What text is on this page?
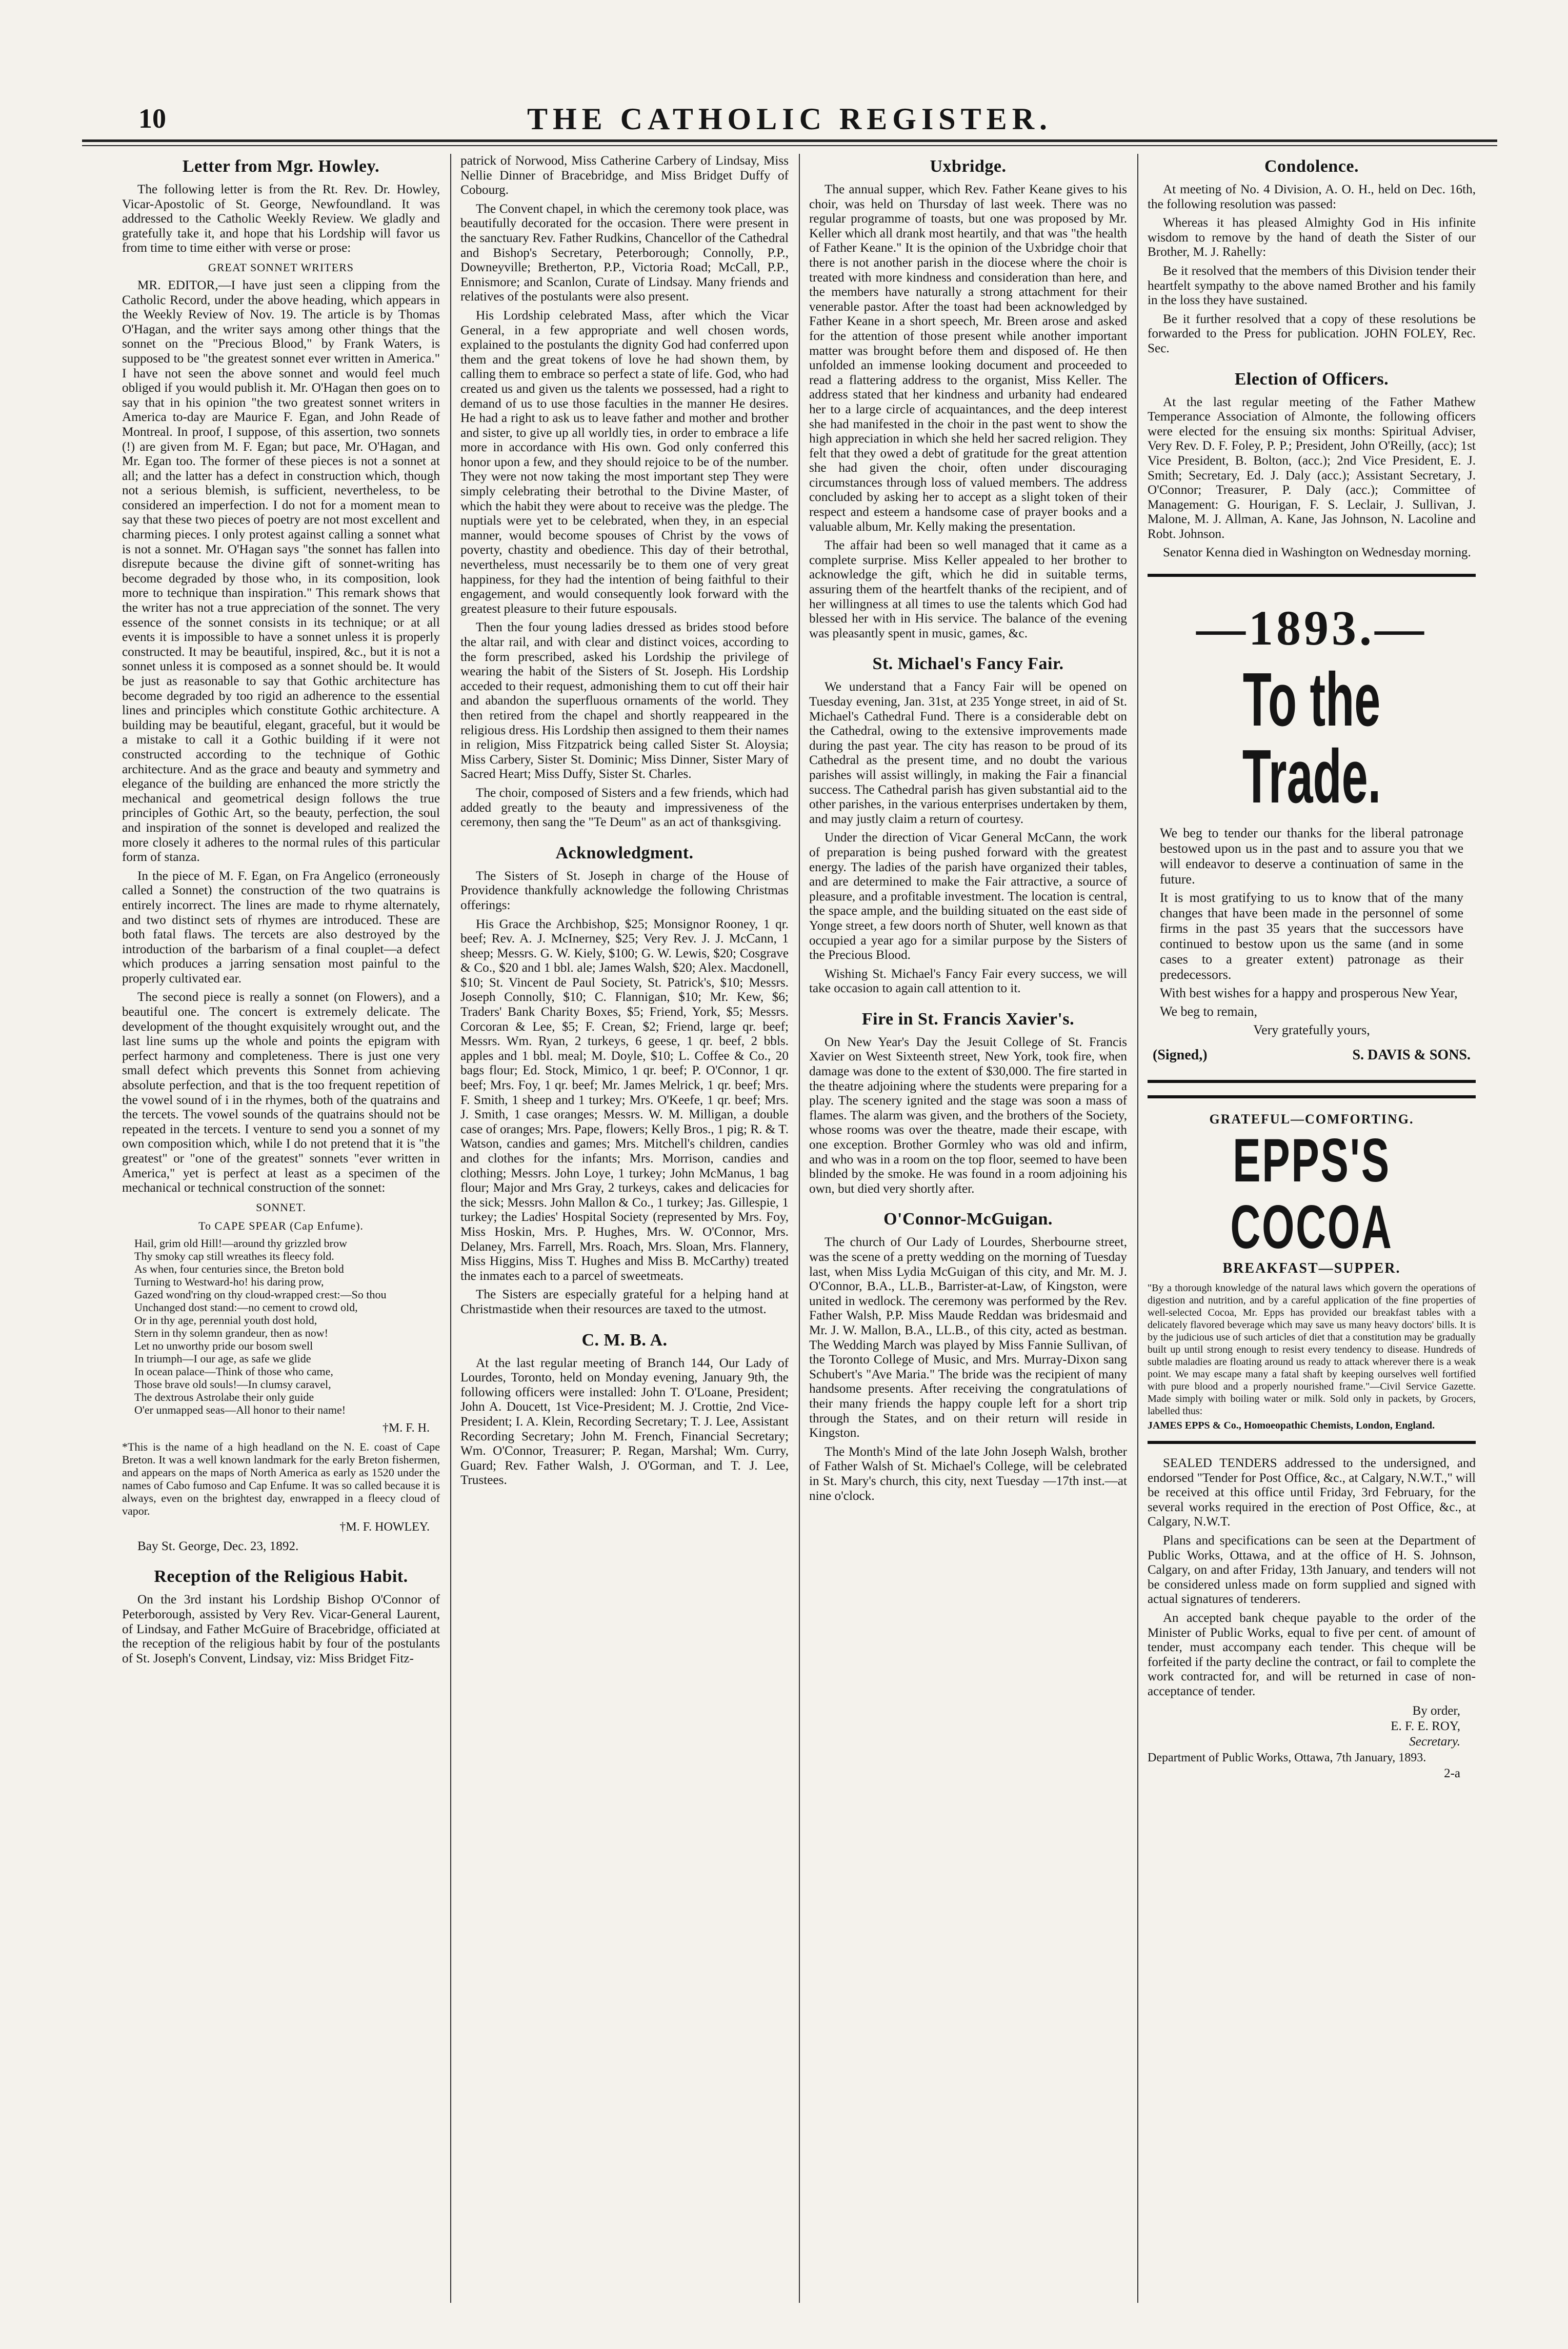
10	THE CATHOLIC REGISTER.
Letter from Mgr. Howley.

The following letter is from the Rt. Rev. Dr. Howley, Vicar-Apostolic of St. George, Newfoundland. It was addressed to the Catholic Weekly Review. We gladly and gratefully take it, and hope that his Lordship will favor us from time to time either with verse or prose:

GREAT SONNET WRITERS

MR. EDITOR,—I have just seen a clipping from the Catholic Record, under the above heading, which appears in the Weekly Review of Nov. 19. The article is by Thomas O'Hagan, and the writer says among other things that the sonnet on the "Precious Blood," by Frank Waters, is supposed to be "the greatest sonnet ever written in America." I have not seen the above sonnet and would feel much obliged if you would publish it. Mr. O'Hagan then goes on to say that in his opinion "the two greatest sonnet writers in America to-day are Maurice F. Egan, and John Reade of Montreal. In proof, I suppose, of this assertion, two sonnets (!) are given from M. F. Egan; but pace, Mr. O'Hagan, and Mr. Egan too. The former of these pieces is not a sonnet at all; and the latter has a defect in construction which, though not a serious blemish, is sufficient, nevertheless, to be considered an imperfection. I do not for a moment mean to say that these two pieces of poetry are not most excellent and charming pieces. I only protest against calling a sonnet what is not a sonnet. Mr. O'Hagan says "the sonnet has fallen into disrepute because the divine gift of sonnet-writing has become degraded by those who, in its composition, look more to technique than inspiration." This remark shows that the writer has not a true appreciation of the sonnet. The very essence of the sonnet consists in its technique; or at all events it is impossible to have a sonnet unless it is properly constructed. It may be beautiful, inspired, &c., but it is not a sonnet unless it is composed as a sonnet should be. It would be just as reasonable to say that Gothic architecture has become degraded by too rigid an adherence to the essential lines and principles which constitute Gothic architecture. A building may be beautiful, elegant, graceful, but it would be a mistake to call it a Gothic building if it were not constructed according to the technique of Gothic architecture. And as the grace and beauty and symmetry and elegance of the building are enhanced the more strictly the mechanical and geometrical design follows the true principles of Gothic Art, so the beauty, perfection, the soul and inspiration of the sonnet is developed and realized the more closely it adheres to the normal rules of this particular form of stanza.

In the piece of M. F. Egan, on Fra Angelico (erroneously called a Sonnet) the construction of the two quatrains is entirely incorrect. The lines are made to rhyme alternately, and two distinct sets of rhymes are introduced. These are both fatal flaws. The tercets are also destroyed by the introduction of the barbarism of a final couplet—a defect which produces a jarring sensation most painful to the properly cultivated ear.

The second piece is really a sonnet (on Flowers), and a beautiful one. The concert is extremely delicate. The development of the thought exquisitely wrought out, and the last line sums up the whole and points the epigram with perfect harmony and completeness. There is just one very small defect which prevents this Sonnet from achieving absolute perfection, and that is the too frequent repetition of the vowel sound of i in the rhymes, both of the quatrains and the tercets. The vowel sounds of the quatrains should not be repeated in the tercets. I venture to send you a sonnet of my own composition which, while I do not pretend that it is "the greatest" or "one of the greatest" sonnets "ever written in America," yet is perfect at least as a specimen of the mechanical or technical construction of the sonnet:

SONNET.
To CAPE SPEAR (Cap Enfume).
Hail, grim old Hill!—around thy grizzled brow
Thy smoky cap still wreathes its fleecy fold.
As when, four centuries since, the Breton bold
Turning to Westward-ho! his daring prow,
Gazed wond'ring on thy cloud-wrapped crest:—So thou
Unchanged dost stand:—no cement to crowd old,
Or in thy age, perennial youth dost hold,
Stern in thy solemn grandeur, then as now!
Let no unworthy pride our bosom swell
In triumph—I our age, as safe we glide
In ocean palace—Think of those who came,
Those brave old souls!—In clumsy caravel,
The dextrous Astrolabe their only guide
O'er unmapped seas—All honor to their name!
†M. F. H.
*This is the name of a high headland on the N. E. coast of Cape Breton. It was a well known landmark for the early Breton fishermen, and appears on the maps of North America as early as 1520 under the names of Cabo fumoso and Cap Enfume. It was so called because it is always, even on the brightest day, enwrapped in a fleecy cloud of vapor.
†M. F. HOWLEY.

Bay St. George, Dec. 23, 1892.

Reception of the Religious Habit.

On the 3rd instant his Lordship Bishop O'Connor of Peterborough, assisted by Very Rev. Vicar-General Laurent, of Lindsay, and Father McGuire of Bracebridge, officiated at the reception of the religious habit by four of the postulants of St. Joseph's Convent, Lindsay, viz: Miss Bridget Fitz-

patrick of Norwood, Miss Catherine Carbery of Lindsay, Miss Nellie Dinner of Bracebridge, and Miss Bridget Duffy of Cobourg.

The Convent chapel, in which the ceremony took place, was beautifully decorated for the occasion. There were present in the sanctuary Rev. Father Rudkins, Chancellor of the Cathedral and Bishop's Secretary, Peterborough; Connolly, P.P., Downeyville; Bretherton, P.P., Victoria Road; McCall, P.P., Ennismore; and Scanlon, Curate of Lindsay. Many friends and relatives of the postulants were also present.

His Lordship celebrated Mass, after which the Vicar General, in a few appropriate and well chosen words, explained to the postulants the dignity God had conferred upon them and the great tokens of love he had shown them, by calling them to embrace so perfect a state of life. God, who had created us and given us the talents we possessed, had a right to demand of us to use those faculties in the manner He desires. He had a right to ask us to leave father and mother and brother and sister, to give up all worldly ties, in order to embrace a life more in accordance with His own. God only conferred this honor upon a few, and they should rejoice to be of the number. They were not now taking the most important step They were simply celebrating their betrothal to the Divine Master, of which the habit they were about to receive was the pledge. The nuptials were yet to be celebrated, when they, in an especial manner, would become spouses of Christ by the vows of poverty, chastity and obedience. This day of their betrothal, nevertheless, must necessarily be to them one of very great happiness, for they had the intention of being faithful to their engagement, and would consequently look forward with the greatest pleasure to their future espousals.

Then the four young ladies dressed as brides stood before the altar rail, and with clear and distinct voices, according to the form prescribed, asked his Lordship the privilege of wearing the habit of the Sisters of St. Joseph. His Lordship acceded to their request, admonishing them to cut off their hair and abandon the superfluous ornaments of the world. They then retired from the chapel and shortly reappeared in the religious dress. His Lordship then assigned to them their names in religion, Miss Fitzpatrick being called Sister St. Aloysia; Miss Carbery, Sister St. Dominic; Miss Dinner, Sister Mary of Sacred Heart; Miss Duffy, Sister St. Charles.

The choir, composed of Sisters and a few friends, which had added greatly to the beauty and impressiveness of the ceremony, then sang the "Te Deum" as an act of thanksgiving.

Acknowledgment.

The Sisters of St. Joseph in charge of the House of Providence thankfully acknowledge the following Christmas offerings:

His Grace the Archbishop, $25; Monsignor Rooney, 1 qr. beef; Rev. A. J. McInerney, $25; Very Rev. J. J. McCann, 1 sheep; Messrs. G. W. Kiely, $100; G. W. Lewis, $20; Cosgrave & Co., $20 and 1 bbl. ale; James Walsh, $20; Alex. Macdonell, $10; St. Vincent de Paul Society, St. Patrick's, $10; Messrs. Joseph Connolly, $10; C. Flannigan, $10; Mr. Kew, $6; Traders' Bank Charity Boxes, $5; Friend, York, $5; Messrs. Corcoran & Lee, $5; F. Crean, $2; Friend, large qr. beef; Messrs. Wm. Ryan, 2 turkeys, 6 geese, 1 qr. beef, 2 bbls. apples and 1 bbl. meal; M. Doyle, $10; L. Coffee & Co., 20 bags flour; Ed. Stock, Mimico, 1 qr. beef; P. O'Connor, 1 qr. beef; Mrs. Foy, 1 qr. beef; Mr. James Melrick, 1 qr. beef; Mrs. F. Smith, 1 sheep and 1 turkey; Mrs. O'Keefe, 1 qr. beef; Mrs. J. Smith, 1 case oranges; Messrs. W. M. Milligan, a double case of oranges; Mrs. Pape, flowers; Kelly Bros., 1 pig; R. & T. Watson, candies and games; Mrs. Mitchell's children, candies and clothes for the infants; Mrs. Morrison, candies and clothing; Messrs. John Loye, 1 turkey; John McManus, 1 bag flour; Major and Mrs Gray, 2 turkeys, cakes and delicacies for the sick; Messrs. John Mallon & Co., 1 turkey; Jas. Gillespie, 1 turkey; the Ladies' Hospital Society (represented by Mrs. Foy, Miss Hoskin, Mrs. P. Hughes, Mrs. W. O'Connor, Mrs. Delaney, Mrs. Farrell, Mrs. Roach, Mrs. Sloan, Mrs. Flannery, Miss Higgins, Miss T. Hughes and Miss B. McCarthy) treated the inmates each to a parcel of sweetmeats.

The Sisters are especially grateful for a helping hand at Christmastide when their resources are taxed to the utmost.

C. M. B. A.

At the last regular meeting of Branch 144, Our Lady of Lourdes, Toronto, held on Monday evening, January 9th, the following officers were installed: John T. O'Loane, President; John A. Doucett, 1st Vice-President; M. J. Crottie, 2nd Vice-President; I. A. Klein, Recording Secretary; T. J. Lee, Assistant Recording Secretary; John M. French, Financial Secretary; Wm. O'Connor, Treasurer; P. Regan, Marshal; Wm. Curry, Guard; Rev. Father Walsh, J. O'Gorman, and T. J. Lee, Trustees.

Uxbridge.

The annual supper, which Rev. Father Keane gives to his choir, was held on Thursday of last week. There was no regular programme of toasts, but one was proposed by Mr. Keller which all drank most heartily, and that was "the health of Father Keane." It is the opinion of the Uxbridge choir that there is not another parish in the diocese where the choir is treated with more kindness and consideration than here, and the members have naturally a strong attachment for their venerable pastor. After the toast had been acknowledged by Father Keane in a short speech, Mr. Breen arose and asked for the attention of those present while another important matter was brought before them and disposed of. He then unfolded an immense looking document and proceeded to read a flattering address to the organist, Miss Keller. The address stated that her kindness and urbanity had endeared her to a large circle of acquaintances, and the deep interest she had manifested in the choir in the past went to show the high appreciation in which she held her sacred religion. They felt that they owed a debt of gratitude for the great attention she had given the choir, often under discouraging circumstances through loss of valued members. The address concluded by asking her to accept as a slight token of their respect and esteem a handsome case of prayer books and a valuable album, Mr. Kelly making the presentation.

The affair had been so well managed that it came as a complete surprise. Miss Keller appealed to her brother to acknowledge the gift, which he did in suitable terms, assuring them of the heartfelt thanks of the recipient, and of her willingness at all times to use the talents which God had blessed her with in His service. The balance of the evening was pleasantly spent in music, games, &c.

St. Michael's Fancy Fair.

We understand that a Fancy Fair will be opened on Tuesday evening, Jan. 31st, at 235 Yonge street, in aid of St. Michael's Cathedral Fund. There is a considerable debt on the Cathedral, owing to the extensive improvements made during the past year. The city has reason to be proud of its Cathedral as the present time, and no doubt the various parishes will assist willingly, in making the Fair a financial success. The Cathedral parish has given substantial aid to the other parishes, in the various enterprises undertaken by them, and may justly claim a return of courtesy.

Under the direction of Vicar General McCann, the work of preparation is being pushed forward with the greatest energy. The ladies of the parish have organized their tables, and are determined to make the Fair attractive, a source of pleasure, and a profitable investment. The location is central, the space ample, and the building situated on the east side of Yonge street, a few doors north of Shuter, well known as that occupied a year ago for a similar purpose by the Sisters of the Precious Blood.

Wishing St. Michael's Fancy Fair every success, we will take occasion to again call attention to it.

Fire in St. Francis Xavier's.

On New Year's Day the Jesuit College of St. Francis Xavier on West Sixteenth street, New York, took fire, when damage was done to the extent of $30,000. The fire started in the theatre adjoining where the students were preparing for a play. The scenery ignited and the stage was soon a mass of flames. The alarm was given, and the brothers of the Society, whose rooms was over the theatre, made their escape, with one exception. Brother Gormley who was old and infirm, and who was in a room on the top floor, seemed to have been blinded by the smoke. He was found in a room adjoining his own, but died very shortly after.

O'Connor-McGuigan.

The church of Our Lady of Lourdes, Sherbourne street, was the scene of a pretty wedding on the morning of Tuesday last, when Miss Lydia McGuigan of this city, and Mr. M. J. O'Connor, B.A., LL.B., Barrister-at-Law, of Kingston, were united in wedlock. The ceremony was performed by the Rev. Father Walsh, P.P. Miss Maude Reddan was bridesmaid and Mr. J. W. Mallon, B.A., LL.B., of this city, acted as bestman. The Wedding March was played by Miss Fannie Sullivan, of the Toronto College of Music, and Mrs. Murray-Dixon sang Schubert's "Ave Maria." The bride was the recipient of many handsome presents. After receiving the congratulations of their many friends the happy couple left for a short trip through the States, and on their return will reside in Kingston.

The Month's Mind of the late John Joseph Walsh, brother of Father Walsh of St. Michael's College, will be celebrated in St. Mary's church, this city, next Tuesday —17th inst.—at nine o'clock.

Condolence.

At meeting of No. 4 Division, A. O. H., held on Dec. 16th, the following resolution was passed:

Whereas it has pleased Almighty God in His infinite wisdom to remove by the hand of death the Sister of our Brother, M. J. Rahelly:

Be it resolved that the members of this Division tender their heartfelt sympathy to the above named Brother and his family in the loss they have sustained.

Be it further resolved that a copy of these resolutions be forwarded to the Press for publication. JOHN FOLEY, Rec. Sec.

Election of Officers.

At the last regular meeting of the Father Mathew Temperance Association of Almonte, the following officers were elected for the ensuing six months: Spiritual Adviser, Very Rev. D. F. Foley, P. P.; President, John O'Reilly, (acc); 1st Vice President, B. Bolton, (acc.); 2nd Vice President, E. J. Smith; Secretary, Ed. J. Daly (acc.); Assistant Secretary, J. O'Connor; Treasurer, P. Daly (acc.); Committee of Management: G. Hourigan, F. S. Leclair, J. Sullivan, J. Malone, M. J. Allman, A. Kane, Jas Johnson, N. Lacoline and Robt. Johnson.

Senator Kenna died in Washington on Wednesday morning.

—1893.—
To the Trade.
We beg to tender our thanks for the liberal patronage bestowed upon us in the past and to assure you that we will endeavor to deserve a continuation of same in the future.
It is most gratifying to us to know that of the many changes that have been made in the personnel of some firms in the past 35 years that the successors have continued to bestow upon us the same (and in some cases to a greater extent) patronage as their predecessors.
With best wishes for a happy and prosperous New Year,
We beg to remain,
Very gratefully yours,
(Signed,)	S. DAVIS & SONS.
GRATEFUL—COMFORTING.
EPPS'S COCOA
BREAKFAST—SUPPER.
"By a thorough knowledge of the natural laws which govern the operations of digestion and nutrition, and by a careful application of the fine properties of well-selected Cocoa, Mr. Epps has provided our breakfast tables with a delicately flavored beverage which may save us many heavy doctors' bills. It is by the judicious use of such articles of diet that a constitution may be gradually built up until strong enough to resist every tendency to disease. Hundreds of subtle maladies are floating around us ready to attack wherever there is a weak point. We may escape many a fatal shaft by keeping ourselves well fortified with pure blood and a properly nourished frame."—Civil Service Gazette. Made simply with boiling water or milk. Sold only in packets, by Grocers, labelled thus:
JAMES EPPS & Co., Homoeopathic Chemists, London, England.

SEALED TENDERS addressed to the undersigned, and endorsed "Tender for Post Office, &c., at Calgary, N.W.T.," will be received at this office until Friday, 3rd February, for the several works required in the erection of Post Office, &c., at Calgary, N.W.T.

Plans and specifications can be seen at the Department of Public Works, Ottawa, and at the office of H. S. Johnson, Calgary, on and after Friday, 13th January, and tenders will not be considered unless made on form supplied and signed with actual signatures of tenderers.

An accepted bank cheque payable to the order of the Minister of Public Works, equal to five per cent. of amount of tender, must accompany each tender. This cheque will be forfeited if the party decline the contract, or fail to complete the work contracted for, and will be returned in case of non-acceptance of tender.

By order,
E. F. E. ROY,
Secretary.
Department of Public Works, Ottawa, 7th January, 1893.
2-a
